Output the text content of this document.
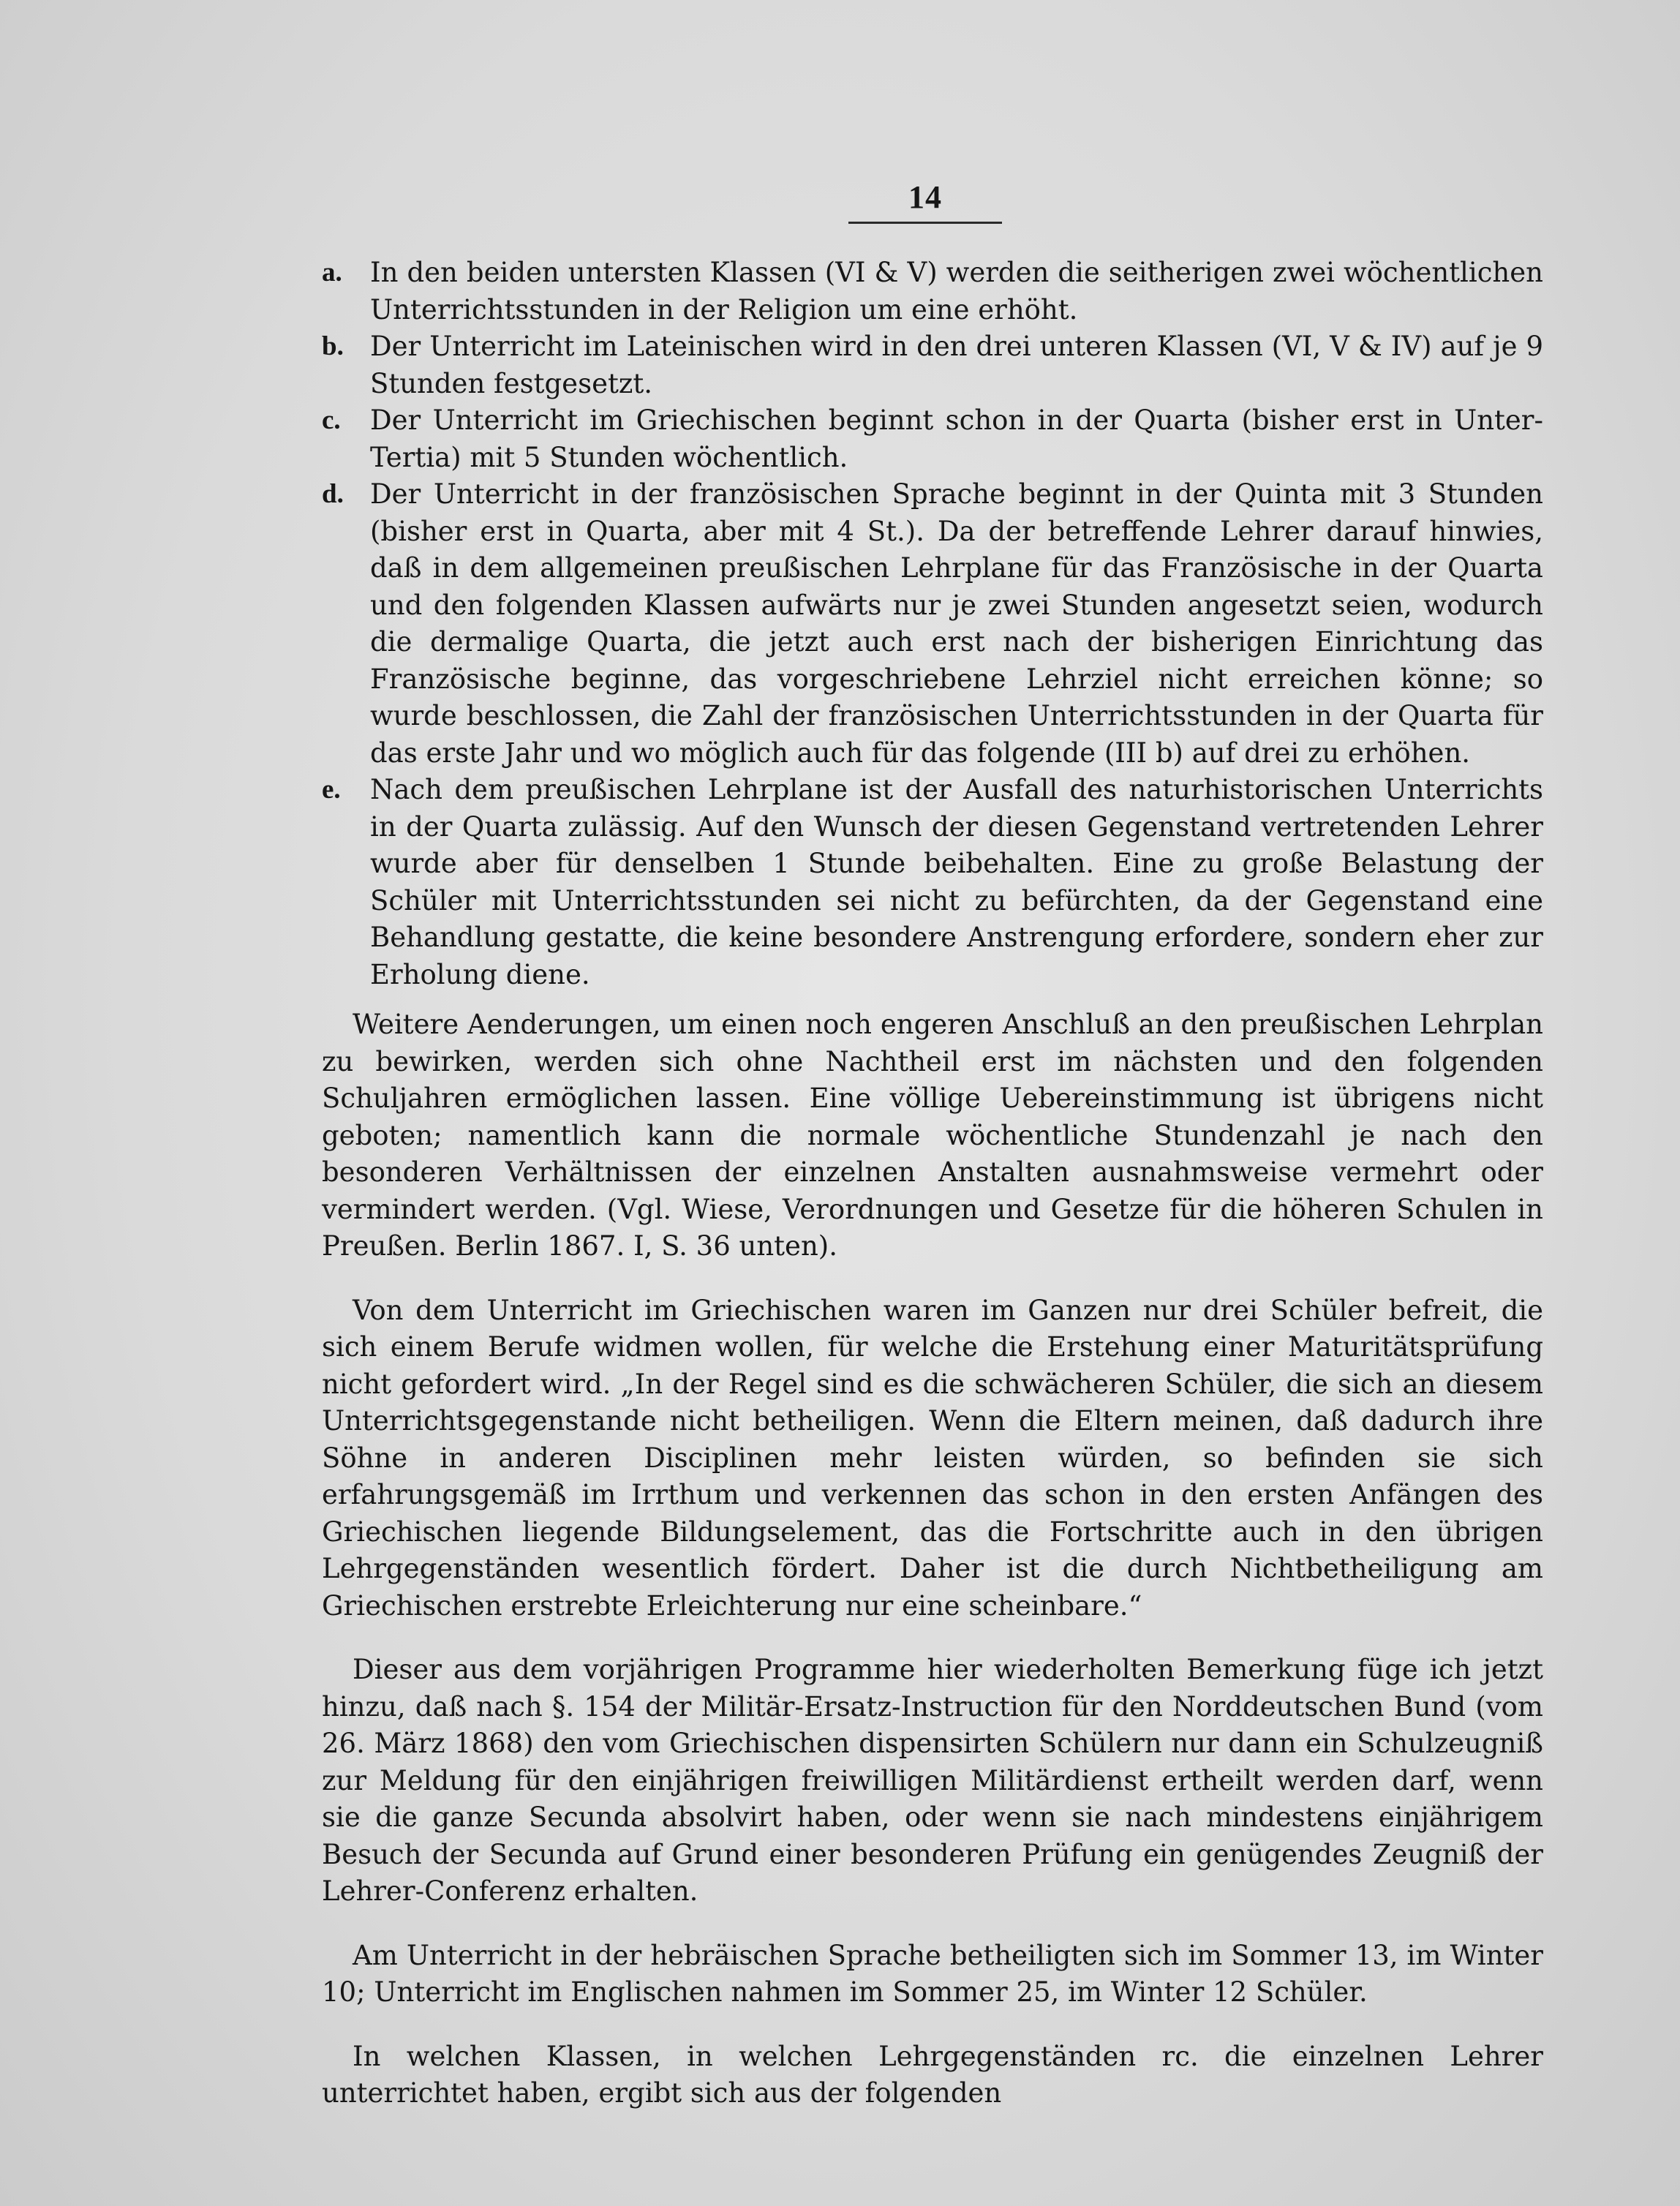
14
a.	In den beiden untersten Klassen (VI & V) werden die seitherigen zwei wöchentlichen Unterrichtsstunden in der Religion um eine erhöht.
b. Der Unterricht im Lateinischen wird in den drei unteren Klassen (VI, V & IV) auf je 9 Stunden festgesetzt.
c.	Der Unterricht im Griechischen beginnt schon in der Quarta (bisher erst in Unter-Tertia) mit 5 Stunden wöchentlich.
d. Der Unterricht in der französischen Sprache beginnt in der Quinta mit 3 Stunden (bisher erst in Quarta, aber mit 4 St.). Da der betreffende Lehrer darauf hinwies, daß in dem allgemeinen preußischen Lehrplane für das Französische in der Quarta und den folgenden Klassen aufwärts nur je zwei Stunden angesetzt seien, wodurch die dermalige Quarta, die jetzt auch erst nach der bisherigen Einrichtung das Französische beginne, das vorgeschriebene Lehrziel nicht erreichen könne; so wurde beschlossen, die Zahl der französischen Unterrichtsstunden in der Quarta für das erste Jahr und wo möglich auch für das folgende (III b) auf drei zu erhöhen.
e.	Nach dem preußischen Lehrplane ist der Ausfall des naturhistorischen Unterrichts in der Quarta zulässig. Auf den Wunsch der diesen Gegenstand vertretenden Lehrer wurde aber für denselben 1 Stunde beibehalten. Eine zu große Belastung der Schüler mit Unterrichtsstunden sei nicht zu befürchten, da der Gegenstand eine Behandlung gestatte, die keine besondere Anstrengung erfordere, sondern eher zur Erholung diene.

Weitere Aenderungen, um einen noch engeren Anschluß an den preußischen Lehrplan zu bewirken, werden sich ohne Nachtheil erst im nächsten und den folgenden Schuljahren ermöglichen lassen. Eine völlige Uebereinstimmung ist übrigens nicht geboten; namentlich kann die normale wöchentliche Stundenzahl je nach den besonderen Verhältnissen der einzelnen Anstalten ausnahmsweise vermehrt oder vermindert werden. (Vgl. Wiese, Verordnungen und Gesetze für die höheren Schulen in Preußen. Berlin 1867. I, S. 36 unten).

Von dem Unterricht im Griechischen waren im Ganzen nur drei Schüler befreit, die sich einem Berufe widmen wollen, für welche die Erstehung einer Maturitätsprüfung nicht gefordert wird. „In der Regel sind es die schwächeren Schüler, die sich an diesem Unterrichtsgegenstande nicht betheiligen. Wenn die Eltern meinen, daß dadurch ihre Söhne in anderen Disciplinen mehr leisten würden, so befinden sie sich erfahrungsgemäß im Irrthum und verkennen das schon in den ersten Anfängen des Griechischen liegende Bildungselement, das die Fortschritte auch in den übrigen Lehrgegenständen wesentlich fördert. Daher ist die durch Nichtbetheiligung am Griechischen erstrebte Erleichterung nur eine scheinbare.“

Dieser aus dem vorjährigen Programme hier wiederholten Bemerkung füge ich jetzt hinzu, daß nach §. 154 der Militär-Ersatz-Instruction für den Norddeutschen Bund (vom 26. März 1868) den vom Griechischen dispensirten Schülern nur dann ein Schulzeugniß zur Meldung für den einjährigen freiwilligen Militärdienst ertheilt werden darf, wenn sie die ganze Secunda absolvirt haben, oder wenn sie nach mindestens einjährigem Besuch der Secunda auf Grund einer besonderen Prüfung ein genügendes Zeugniß der Lehrer-Conferenz erhalten.

Am Unterricht in der hebräischen Sprache betheiligten sich im Sommer 13, im Winter 10; Unterricht im Englischen nahmen im Sommer 25, im Winter 12 Schüler.

In welchen Klassen, in welchen Lehrgegenständen rc. die einzelnen Lehrer unterrichtet haben, ergibt sich aus der folgenden
